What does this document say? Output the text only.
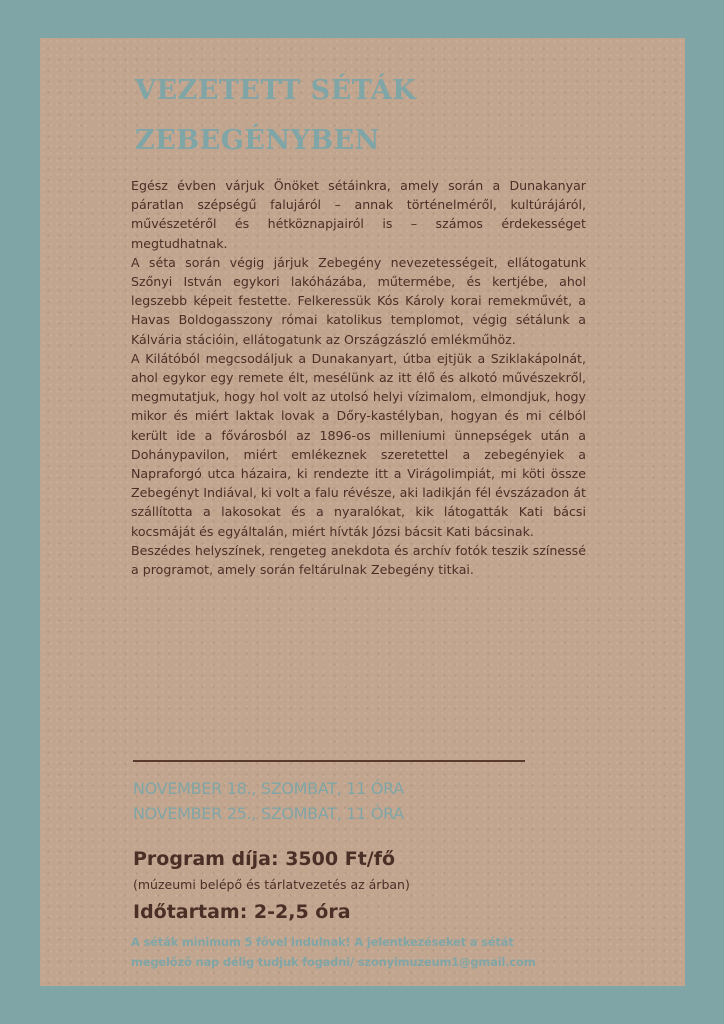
VEZETETT SÉTÁK
ZEBEGÉNYBEN

Egész évben várjuk Önöket sétáinkra, amely során a Dunakanyar páratlan szépségű falujáról – annak történelméről, kultúrájáról, művészetéről és hétköznapjairól is – számos érdekességet megtudhatnak.

A séta során végig járjuk Zebegény nevezetességeit, ellátogatunk Szőnyi István egykori lakóházába, műtermébe, és kertjébe, ahol legszebb képeit festette. Felkeressük Kós Károly korai remekművét, a Havas Boldogasszony római katolikus templomot, végig sétálunk a Kálvária stációin, ellátogatunk az Országzászló emlékműhöz.

A Kilátóból megcsodáljuk a Dunakanyart, útba ejtjük a Sziklakápolnát, ahol egykor egy remete élt, mesélünk az itt élő és alkotó művészekről, megmutatjuk, hogy hol volt az utolsó helyi vízimalom, elmondjuk, hogy mikor és miért laktak lovak a Dőry-kastélyban, hogyan és mi célból került ide a fővárosból az 1896-os milleniumi ünnepségek után a Dohánypavilon, miért emlékeznek szeretettel a zebegényiek a Napraforgó utca házaira, ki rendezte itt a Virágolimpiát, mi köti össze Zebegényt Indiával, ki volt a falu révésze, aki ladikján fél évszázadon át szállította a lakosokat és a nyaralókat, kik látogatták Kati bácsi kocsmáját és egyáltalán, miért hívták Józsi bácsit Kati bácsinak.

Beszédes helyszínek, rengeteg anekdota és archív fotók teszik színessé a programot, amely során feltárulnak Zebegény titkai.

NOVEMBER 18., SZOMBAT, 11 ÓRA
NOVEMBER 25., SZOMBAT, 11 ÓRA
Program díja: 3500 Ft/fő
(múzeumi belépő és tárlatvezetés az árban)
Időtartam: 2-2,5 óra
A séták minimum 5 fővel indulnak! A jelentkezéseket a sétát
megelőző nap délig tudjuk fogadni/ szonyimuzeum1@gmail.com
